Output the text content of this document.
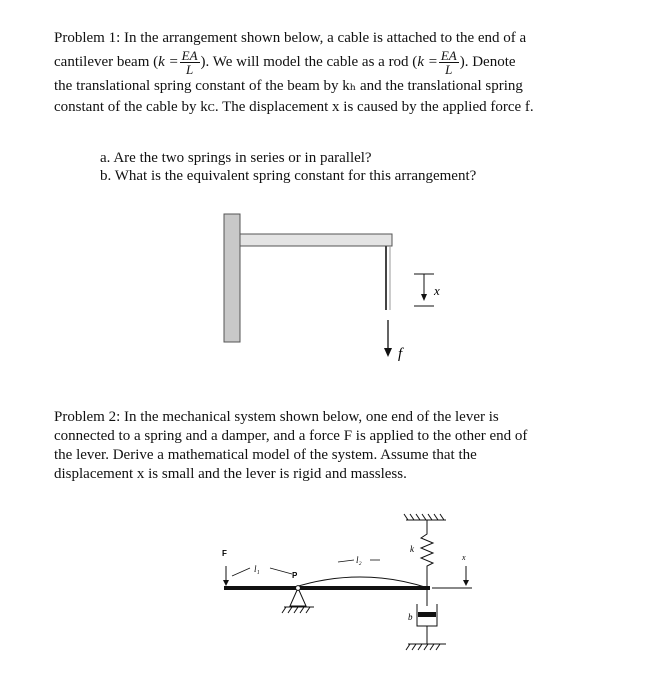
Problem 1: In the arrangement shown below, a cable is attached to the end of a
cantilever beam ($k = \frac{EA}{L}$ ). We will model the cable as a rod ($k = \frac{EA}{L}$ ). Denote
the translational spring constant of the beam by kₕ and the translational spring
constant of the cable by kᴄ. The displacement x is caused by the applied force f.
a. Are the two springs in series or in parallel?
b. What is the equivalent spring constant for this arrangement?
f
x
Problem 2: In the mechanical system shown below, one end of the lever is
connected to a spring and a damper, and a force F is applied to the other end of
the lever. Derive a mathematical model of the system. Assume that the
displacement x is small and the lever is rigid and massless.
k
P
F
l₁
l₂
b
x
